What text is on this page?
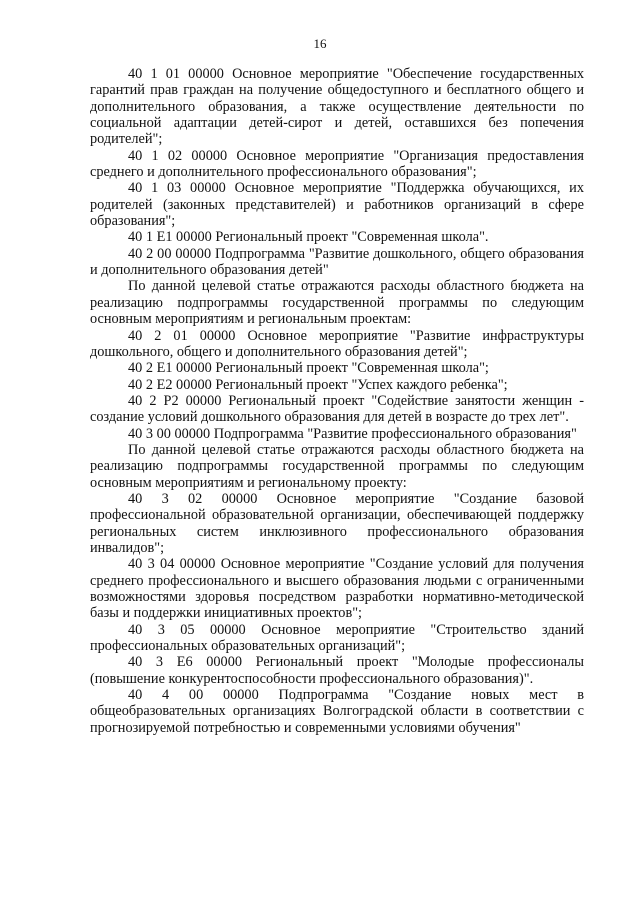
16

40 1 01 00000 Основное мероприятие "Обеспечение государственных гарантий прав граждан на получение общедоступного и бесплатного общего и дополнительного образования, а также осуществление деятельности по социальной адаптации детей-сирот и детей, оставшихся без попечения родителей";

40 1 02 00000 Основное мероприятие "Организация предоставления среднего и дополнительного профессионального образования";

40 1 03 00000 Основное мероприятие "Поддержка обучающихся, их родителей (законных представителей) и работников организаций в сфере образования";

40 1 E1 00000 Региональный проект "Современная школа".

40 2 00 00000 Подпрограмма "Развитие дошкольного, общего образования и дополнительного образования детей"

По данной целевой статье отражаются расходы областного бюджета на реализацию подпрограммы государственной программы по следующим основным мероприятиям и региональным проектам:

40 2 01 00000 Основное мероприятие "Развитие инфраструктуры дошкольного, общего и дополнительного образования детей";

40 2 E1 00000 Региональный проект "Современная школа";

40 2 E2 00000 Региональный проект "Успех каждого ребенка";

40 2 P2 00000 Региональный проект "Содействие занятости женщин - создание условий дошкольного образования для детей в возрасте до трех лет".

40 3 00 00000 Подпрограмма "Развитие профессионального образования"

По данной целевой статье отражаются расходы областного бюджета на реализацию подпрограммы государственной программы по следующим основным мероприятиям и региональному проекту:

40 3 02 00000 Основное мероприятие "Создание базовой профессиональной образовательной организации, обеспечивающей поддержку региональных систем инклюзивного профессионального образования инвалидов";

40 3 04 00000 Основное мероприятие "Создание условий для получения среднего профессионального и высшего образования людьми с ограниченными возможностями здоровья посредством разработки нормативно-методической базы и поддержки инициативных проектов";

40 3 05 00000 Основное мероприятие "Строительство зданий профессиональных образовательных организаций";

40 3 E6 00000 Региональный проект "Молодые профессионалы (повышение конкурентоспособности профессионального образования)".

40 4 00 00000 Подпрограмма "Создание новых мест в общеобразовательных организациях Волгоградской области в соответствии с прогнозируемой потребностью и современными условиями обучения"
